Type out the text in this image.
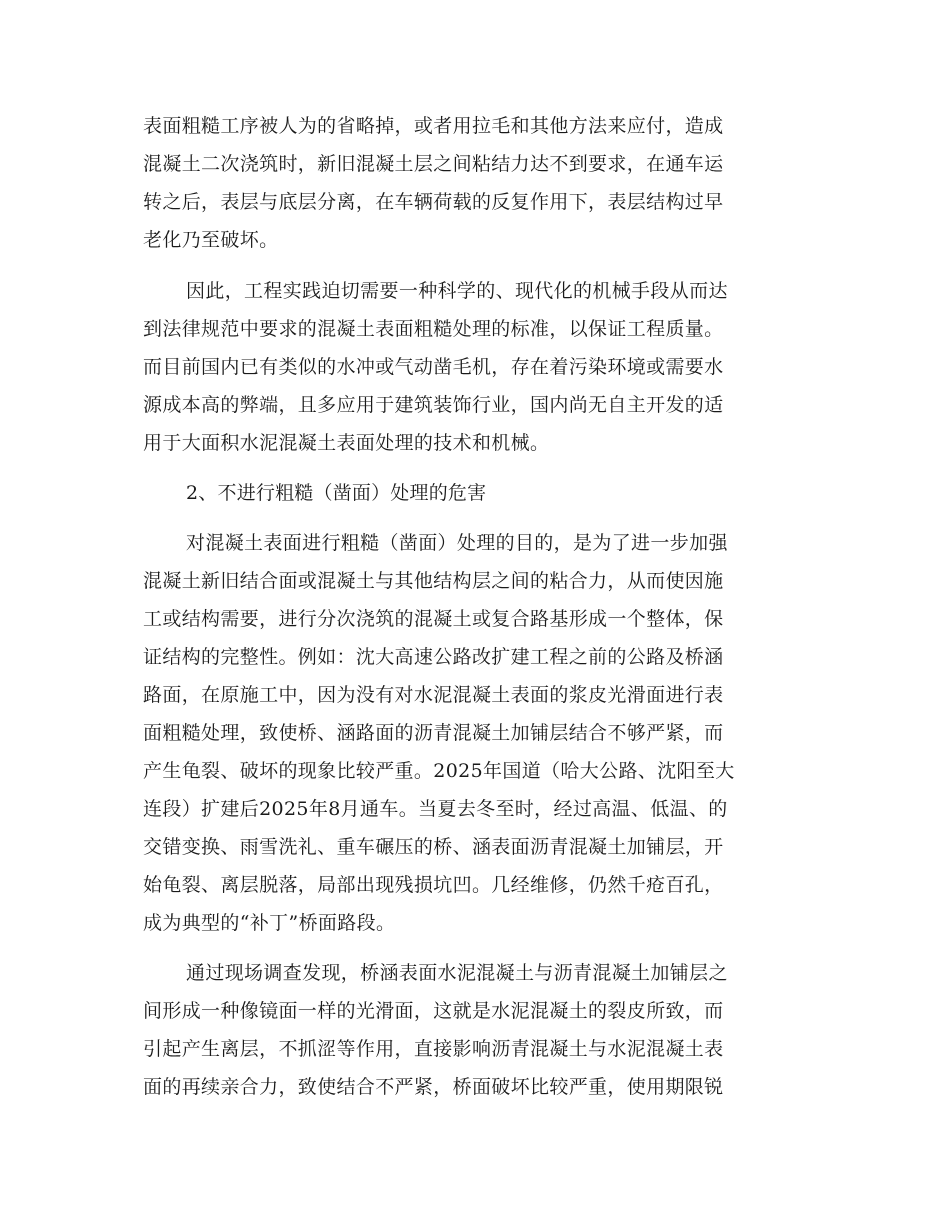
表面粗糙工序被人为的省略掉，或者用拉毛和其他方法来应付，造成
混凝土二次浇筑时，新旧混凝土层之间粘结力达不到要求，在通车运
转之后，表层与底层分离，在车辆荷载的反复作用下，表层结构过早
老化乃至破坏。
因此，工程实践迫切需要一种科学的、现代化的机械手段从而达
到法律规范中要求的混凝土表面粗糙处理的标准，以保证工程质量。
而目前国内已有类似的水冲或气动凿毛机，存在着污染环境或需要水
源成本高的弊端，且多应用于建筑装饰行业，国内尚无自主开发的适
用于大面积水泥混凝土表面处理的技术和机械。
2、不进行粗糙（凿面）处理的危害
对混凝土表面进行粗糙（凿面）处理的目的，是为了进一步加强
混凝土新旧结合面或混凝土与其他结构层之间的粘合力，从而使因施
工或结构需要，进行分次浇筑的混凝土或复合路基形成一个整体，保
证结构的完整性。例如：沈大高速公路改扩建工程之前的公路及桥涵
路面，在原施工中，因为没有对水泥混凝土表面的浆皮光滑面进行表
面粗糙处理，致使桥、涵路面的沥青混凝土加铺层结合不够严紧，而
产生龟裂、破坏的现象比较严重。2025年国道（哈大公路、沈阳至大
连段）扩建后2025年8月通车。当夏去冬至时，经过高温、低温、的
交错变换、雨雪洗礼、重车碾压的桥、涵表面沥青混凝土加铺层，开
始龟裂、离层脱落，局部出现残损坑凹。几经维修，仍然千疮百孔，
成为典型的“补丁”桥面路段。
通过现场调查发现，桥涵表面水泥混凝土与沥青混凝土加铺层之
间形成一种像镜面一样的光滑面，这就是水泥混凝土的裂皮所致，而
引起产生离层，不抓涩等作用，直接影响沥青混凝土与水泥混凝土表
面的再续亲合力，致使结合不严紧，桥面破坏比较严重，使用期限锐
